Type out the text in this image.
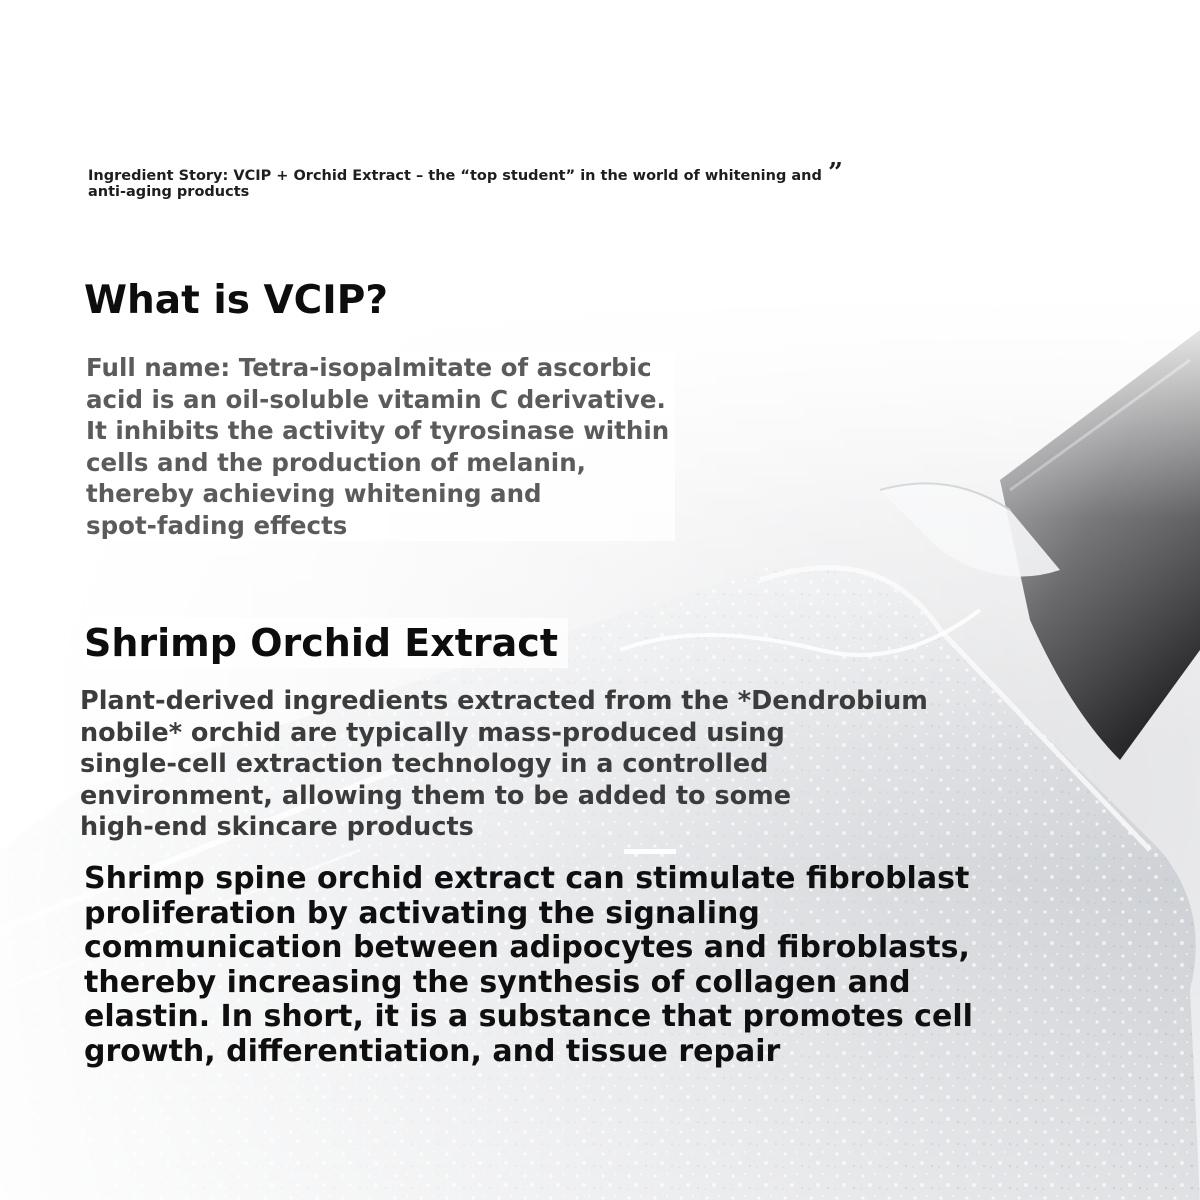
Ingredient Story: VCIP + Orchid Extract – the “top student” in the world of whitening and anti-aging products
”
What is VCIP?

Full name: Tetra-isopalmitate of ascorbic
acid is an oil-soluble vitamin C derivative.
It inhibits the activity of tyrosinase within
cells and the production of melanin,
thereby achieving whitening and
spot-fading effects

Shrimp Orchid Extract

Plant-derived ingredients extracted from the *Dendrobium
nobile* orchid are typically mass-produced using
single-cell extraction technology in a controlled
environment, allowing them to be added to some
high-end skincare products

Shrimp spine orchid extract can stimulate fibroblast
proliferation by activating the signaling
communication between adipocytes and fibroblasts,
thereby increasing the synthesis of collagen and
elastin. In short, it is a substance that promotes cell
growth, differentiation, and tissue repair
